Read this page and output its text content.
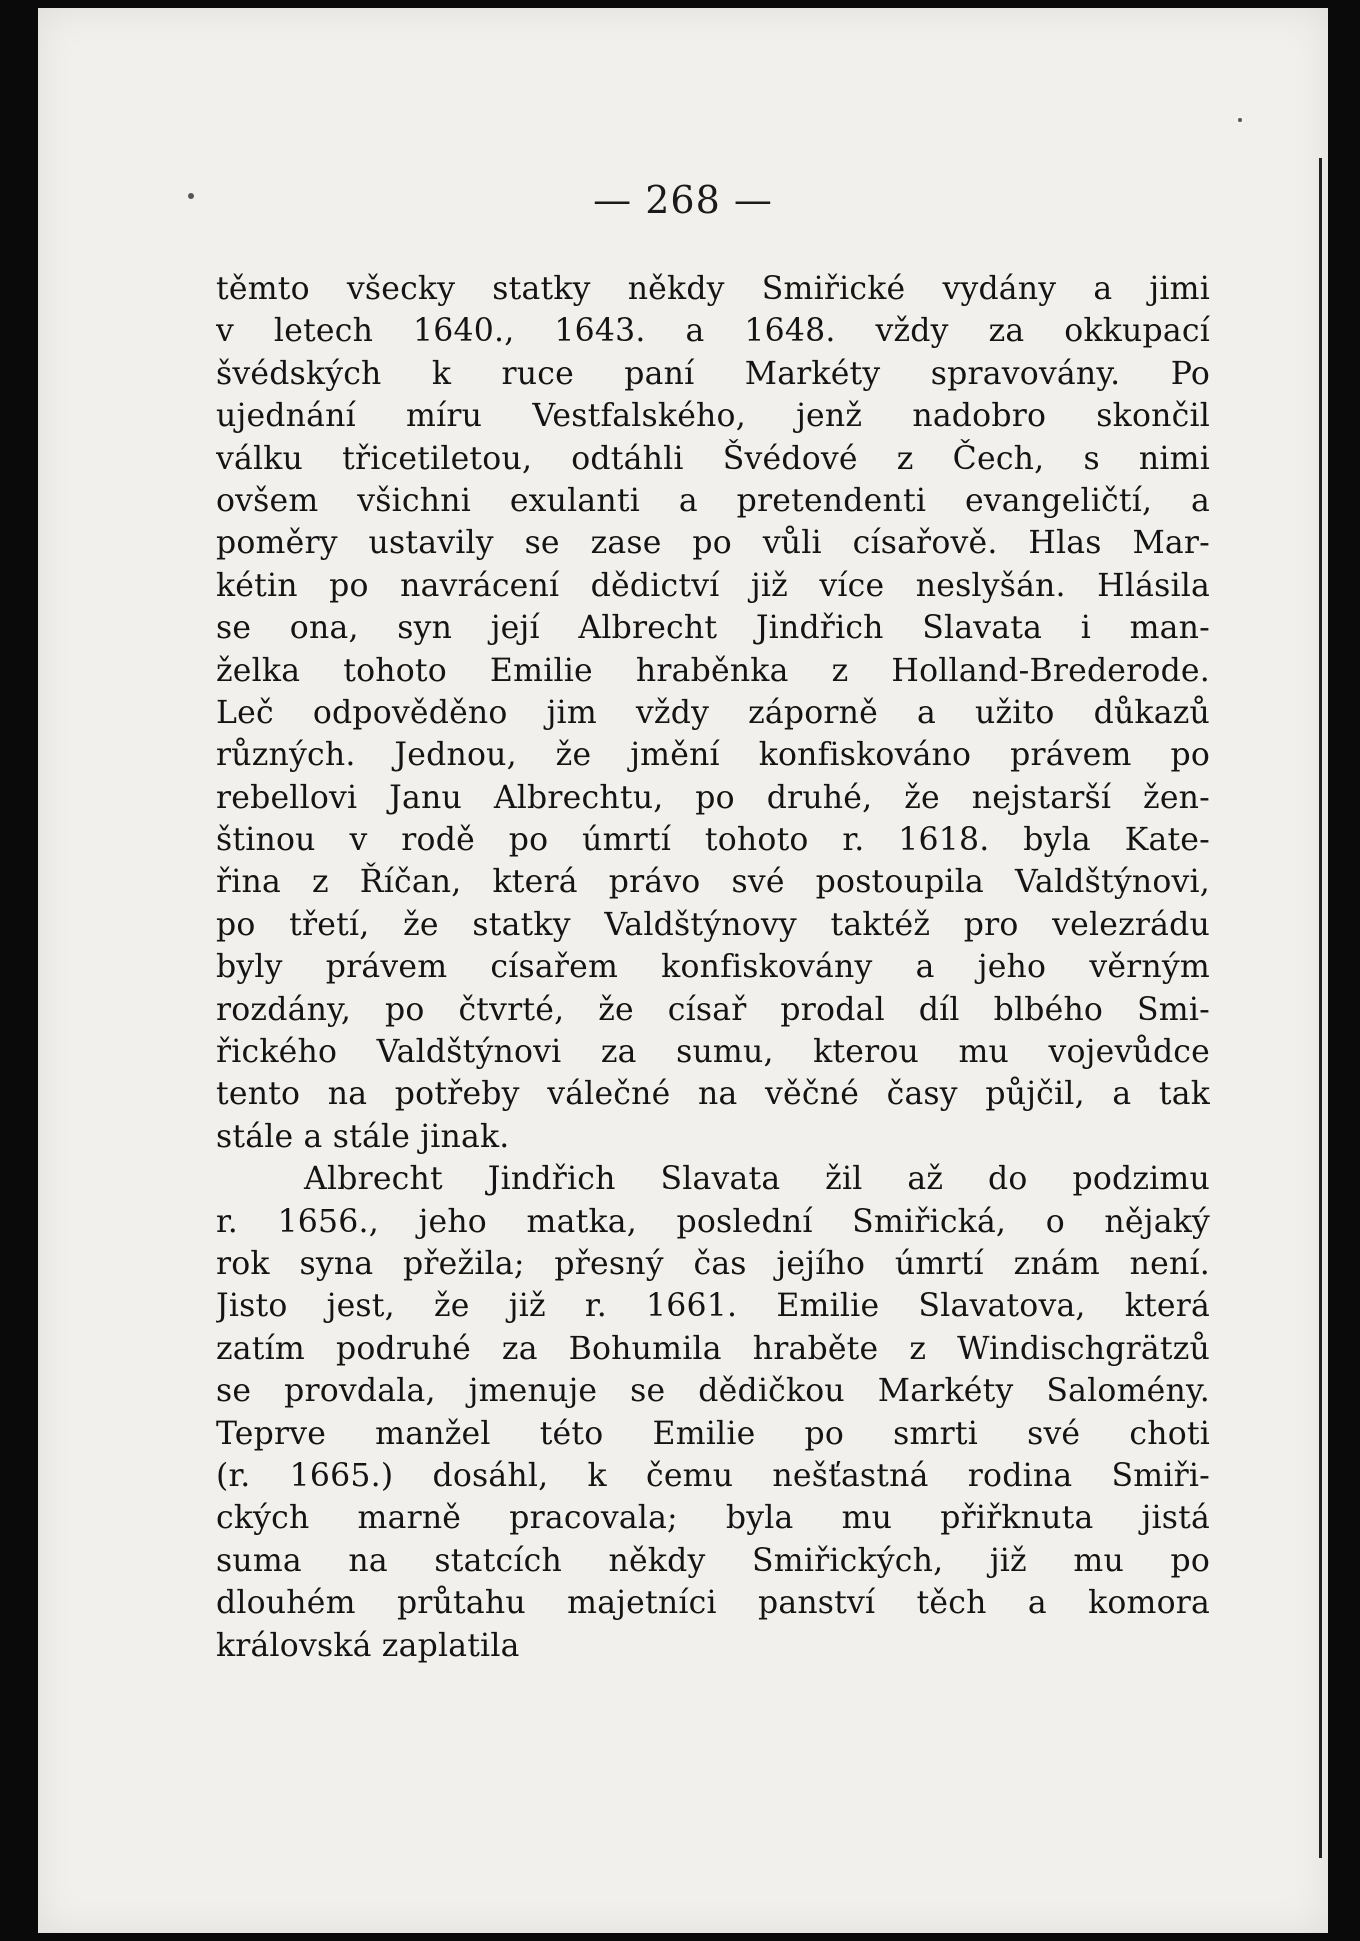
— 268 —
těmto všecky statky někdy Smiřické vydány a jimi
v letech 1640., 1643. a 1648. vždy za okkupací
švédských k ruce paní Markéty spravovány. Po
ujednání míru Vestfalského, jenž nadobro skončil
válku třicetiletou, odtáhli Švédové z Čech, s nimi
ovšem všichni exulanti a pretendenti evangeličtí, a
poměry ustavily se zase po vůli císařově. Hlas Mar-
kétin po navrácení dědictví již více neslyšán. Hlásila
se ona, syn její Albrecht Jindřich Slavata i man-
želka tohoto Emilie hraběnka z Holland-Brederode.
Leč odpověděno jim vždy záporně a užito důkazů
různých. Jednou, že jmění konfiskováno právem po
rebellovi Janu Albrechtu, po druhé, že nejstarší žen-
štinou v rodě po úmrtí tohoto r. 1618. byla Kate-
řina z Říčan, která právo své postoupila Valdštýnovi,
po třetí, že statky Valdštýnovy taktéž pro velezrádu
byly právem císařem konfiskovány a jeho věrným
rozdány, po čtvrté, že císař prodal díl blbého Smi-
řického Valdštýnovi za sumu, kterou mu vojevůdce
tento na potřeby válečné na věčné časy půjčil, a tak
stále a stále jinak.
Albrecht Jindřich Slavata žil až do podzimu
r. 1656., jeho matka, poslední Smiřická, o nějaký
rok syna přežila; přesný čas jejího úmrtí znám není.
Jisto jest, že již r. 1661. Emilie Slavatova, která
zatím podruhé za Bohumila hraběte z Windischgrätzů
se provdala, jmenuje se dědičkou Markéty Salomény.
Teprve manžel této Emilie po smrti své choti
(r. 1665.) dosáhl, k čemu nešťastná rodina Smiři-
ckých marně pracovala; byla mu přiřknuta jistá
suma na statcích někdy Smiřických, již mu po
dlouhém průtahu majetníci panství těch a komora
královská zaplatila
